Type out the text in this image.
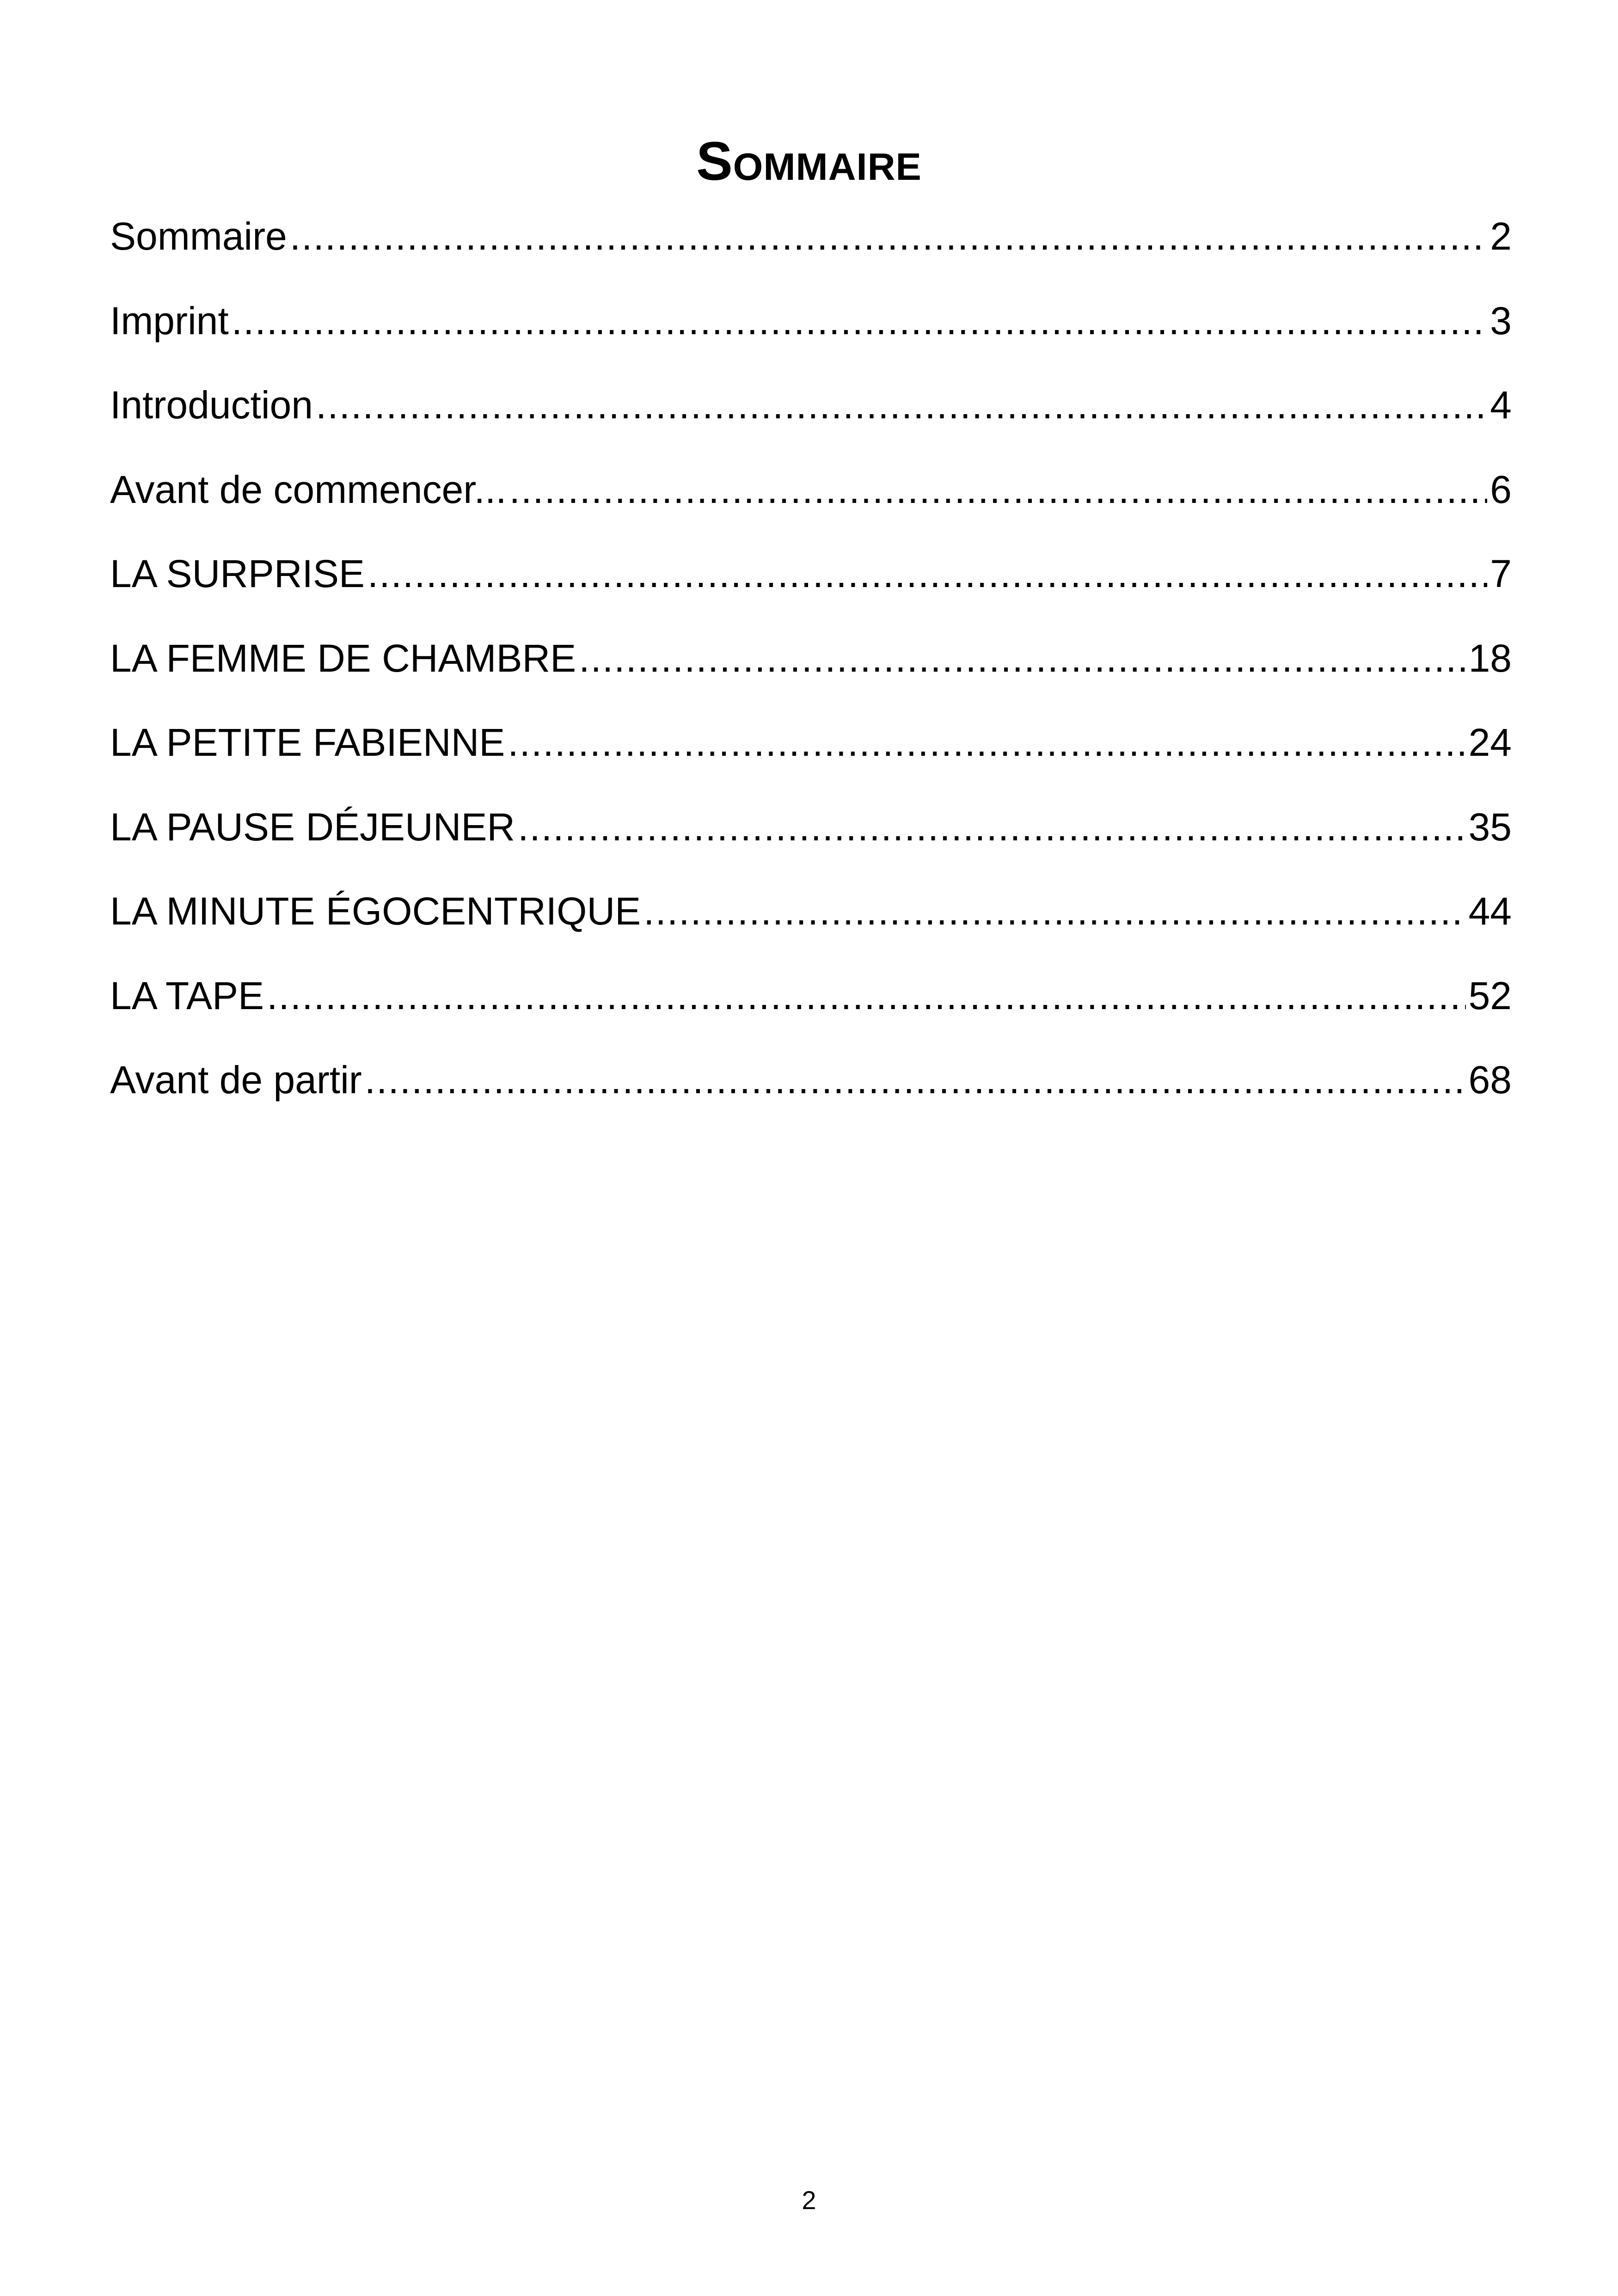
Sommaire
Sommaire .....	2
Imprint .....	3
Introduction .....	4
Avant de commencer... .....	6
LA SURPRISE .....	7
LA FEMME DE CHAMBRE .....	18
LA PETITE FABIENNE .....	24
LA PAUSE DÉJEUNER .....	35
LA MINUTE ÉGOCENTRIQUE .....	44
LA TAPE .....	52
Avant de partir .....	68
2
